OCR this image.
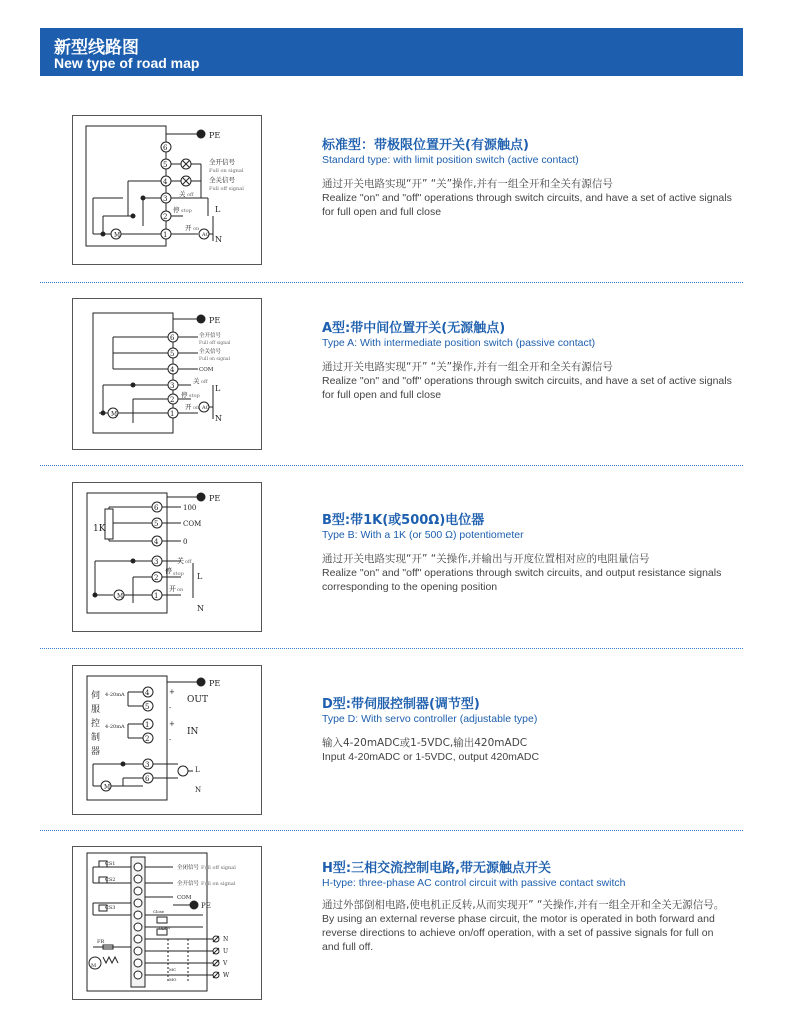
新型线路图
New type of road map
PE
6
5
4
3
2
1
全开信号
Full on signal
全关信号
Full off signal
关 off
停 stop
开 on
L
N
AC
M
标准型：带极限位置开关(有源触点)
Standard type: with limit position switch (active contact)
通过开关电路实现“开” “关”操作,并有一组全开和全关有源信号
Realize "on" and "off" operations through switch circuits, and have a set of active signals for full open and full close
PE
6
5
4
3
2
1
全开信号
Full off signal
全关信号
Full on signal
COM
关 off
停 stop
开 on
L
N
AC
M
A型:带中间位置开关(无源触点)
Type A: With intermediate position switch (passive contact)
通过开关电路实现“开” “关”操作,并有一组全开和全关有源信号
Realize "on" and "off" operations through switch circuits, and have a set of active signals for full open and full close
PE
6
5
4
3
2
1
100
COM
0
关 off
停 stop
开 on
L
N
M
1K
B型:带1K(或500Ω)电位器
Type B: With a 1K (or 500 Ω) potentiometer
通过开关电路实现“开” “关操作,并输出与开度位置相对应的电阻量信号
Realize "on" and "off" operations through switch circuits, and output resistance signals corresponding to the opening position
PE
伺
服
控
制
器
4
5
1
2
3
6
4-20mA
4-20mA
+
-
+
-
OUT
IN
L
N
M
D型:带伺服控制器(调节型)
Type D: With servo controller (adjustable type)
输入4-20mADC或1-5VDC,输出420mADC
Input 4-20mADC or 1-5VDC, output 420mADC
全闭信号 Full off signal
全开信号 Full on signal
COM
PE
CS1
CS2
CS3
Close
Open
FR
MC
MO
N
U
V
W
M
H型:三相交流控制电路,带无源触点开关
H-type: three-phase AC control circuit with passive contact switch
通过外部倒相电路,使电机正反转,从而实现开” “关操作,并有一组全开和全关无源信号。
By using an external reverse phase circuit, the motor is operated in both forward and reverse directions to achieve on/off operation, with a set of passive signals for full on and full off.
